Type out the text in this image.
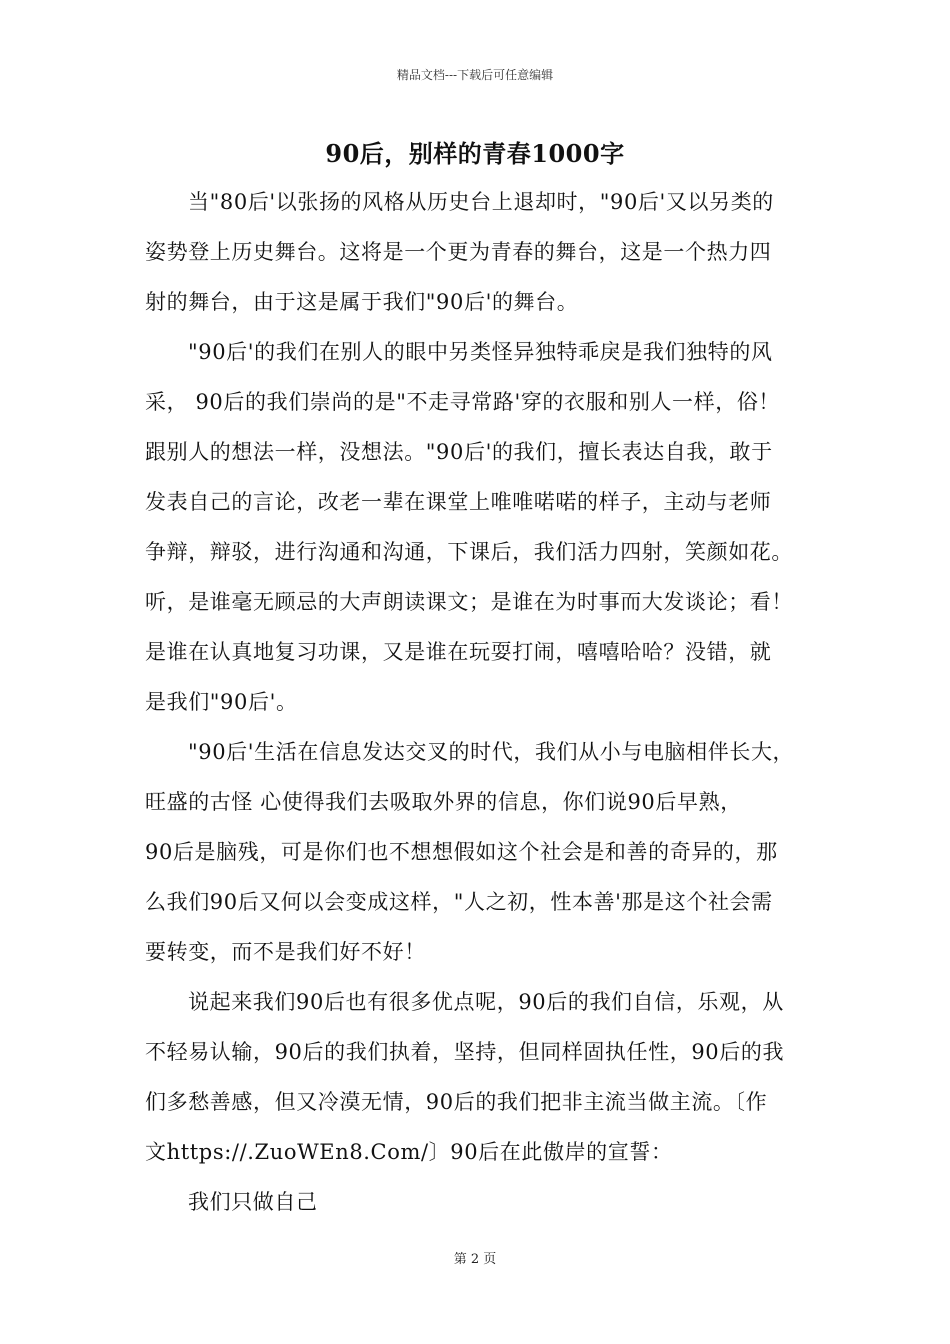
精品文档---下载后可任意编辑
90后，别样的青春1000字
当"80后'以张扬的风格从历史台上退却时，"90后'又以另类的
姿势登上历史舞台。这将是一个更为青春的舞台，这是一个热力四
射的舞台，由于这是属于我们"90后'的舞台。
"90后'的我们在别人的眼中另类怪异独特乖戾是我们独特的风
采， 90后的我们崇尚的是"不走寻常路'穿的衣服和别人一样，俗！
跟别人的想法一样，没想法。"90后'的我们，擅长表达自我，敢于
发表自己的言论，改老一辈在课堂上唯唯喏喏的样子，主动与老师
争辩，辩驳，进行沟通和沟通，下课后，我们活力四射，笑颜如花。
听，是谁毫无顾忌的大声朗读课文；是谁在为时事而大发谈论；看！
是谁在认真地复习功课，又是谁在玩耍打闹，嘻嘻哈哈？没错，就
是我们"90后'。
"90后'生活在信息发达交叉的时代，我们从小与电脑相伴长大，
旺盛的古怪 心使得我们去吸取外界的信息，你们说90后早熟，
90后是脑残，可是你们也不想想假如这个社会是和善的奇异的，那
么我们90后又何以会变成这样，"人之初，性本善'那是这个社会需
要转变，而不是我们好不好！
说起来我们90后也有很多优点呢，90后的我们自信，乐观，从
不轻易认输，90后的我们执着，坚持，但同样固执任性，90后的我
们多愁善感，但又冷漠无情，90后的我们把非主流当做主流。〔作
文https://.ZuoWEn8.Com/〕90后在此傲岸的宣誓：
我们只做自己
第 2 页
